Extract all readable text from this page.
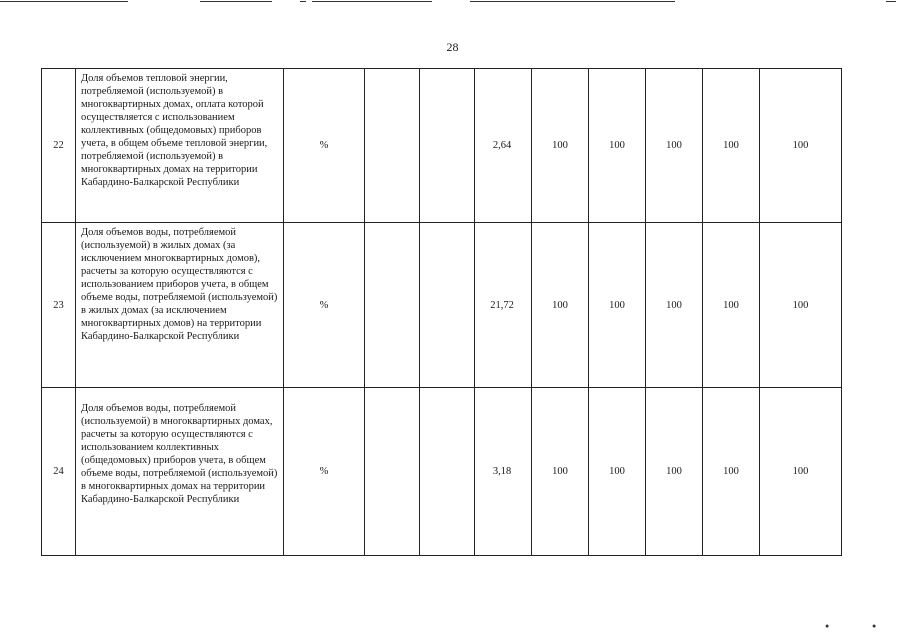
28
22	Доля объемов тепловой энергии, потребляемой (используемой) в многоквартирных домах, оплата которой осуществляется с использованием коллективных (общедомовых) приборов учета, в общем объеме тепловой энергии, потребляемой (используемой) в многоквартирных домах на территории Кабардино-Балкарской Республики	%			2,64	100	100	100	100	100
23	Доля объемов воды, потребляемой (используемой) в жилых домах (за исключением многоквартирных домов), расчеты за которую осуществляются с использованием приборов учета, в общем объеме воды, потребляемой (используемой) в жилых домах (за исключением многоквартирных домов) на территории Кабардино-Балкарской Республики	%			21,72	100	100	100	100	100
24	Доля объемов воды, потребляемой (используемой) в многоквартирных домах, расчеты за которую осуществляются с использованием коллективных (общедомовых) приборов учета, в общем объеме воды, потребляемой (используемой) в многоквартирных домах на территории Кабардино-Балкарской Республики	%			3,18	100	100	100	100	100
●	●
